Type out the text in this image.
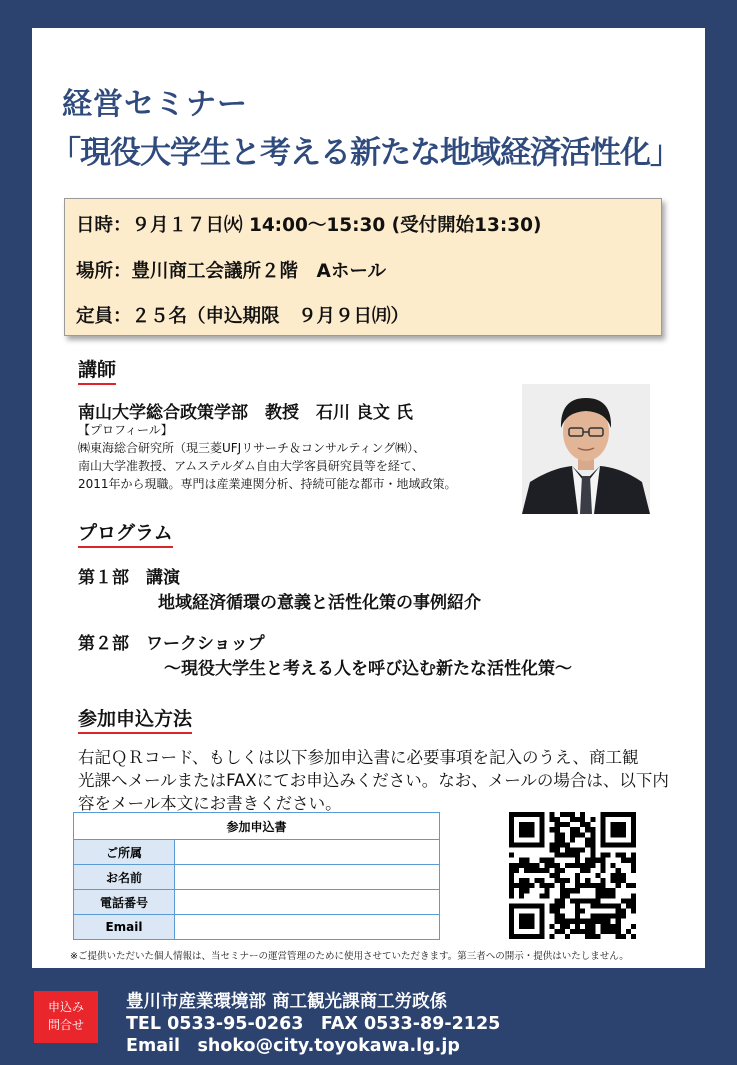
経営セミナー
「現役大学生と考える新たな地域経済活性化」
日時：９月１７日㈫ 14:00～15:30 (受付開始13:30)
場所：豊川商工会議所２階　Aホール
定員：２５名（申込期限　９月９日㈪）
講師
南山大学総合政策学部　教授　石川 良文 氏
【プロフィール】
㈱東海総合研究所（現三菱UFJリサーチ＆コンサルティング㈱）、
南山大学准教授、アムステルダム自由大学客員研究員等を経て、
2011年から現職。専門は産業連関分析、持続可能な都市・地域政策。
プログラム
第１部　講演
地域経済循環の意義と活性化策の事例紹介
第２部　ワークショップ
～現役大学生と考える人を呼び込む新たな活性化策～
参加申込方法
右記ＱＲコード、もしくは以下参加申込書に必要事項を記入のうえ、商工観
光課へメールまたはFAXにてお申込みください。なお、メールの場合は、以下内
容をメール本文にお書きください。
参加申込書	
ご所属	
お名前	
電話番号	
Email	
※ご提供いただいた個人情報は、当セミナーの運営管理のために使用させていただきます。第三者への開示・提供はいたしません。
申込み
問合せ
豊川市産業環境部 商工観光課商工労政係
TEL 0533-95-0263　FAX 0533-89-2125
Email　shoko@city.toyokawa.lg.jp
